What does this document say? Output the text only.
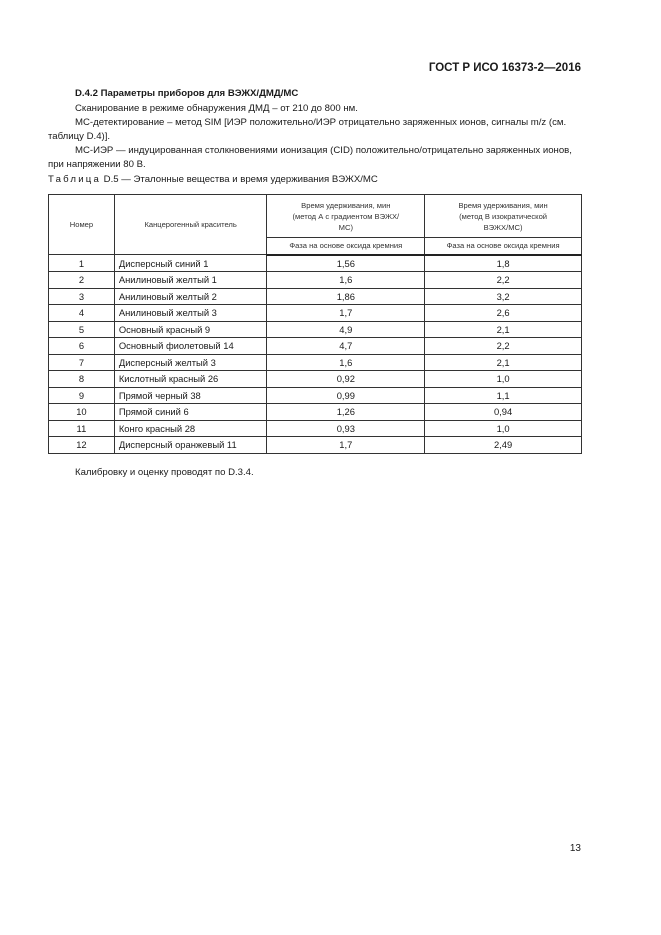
ГОСТ Р ИСО 16373-2—2016
D.4.2 Параметры приборов для ВЭЖХ/ДМД/МС

Сканирование в режиме обнаружения ДМД – от 210 до 800 нм.

МС-детектирование – метод SIM [ИЭР положительно/ИЭР отрицательно заряженных ионов, сигналы m/z (см. таблицу D.4)].

МС-ИЭР — индуцированная столкновениями ионизация (CID) положительно/отрицательно заряженных ионов, при напряжении 80 В.

Таблица D.5 — Эталонные вещества и время удерживания ВЭЖХ/МС
Номер	Канцерогенный краситель	Время удерживания, мин (метод А с градиентом ВЭЖХ/МС)	Время удерживания, мин (метод В изократической ВЭЖХ/МС)
		Фаза на основе оксида кремния	Фаза на основе оксида кремния
1	Дисперсный синий 1	1,56	1,8
2	Анилиновый желтый 1	1,6	2,2
3	Анилиновый желтый 2	1,86	3,2
4	Анилиновый желтый 3	1,7	2,6
5	Основный красный 9	4,9	2,1
6	Основный фиолетовый 14	4,7	2,2
7	Дисперсный желтый 3	1,6	2,1
8	Кислотный красный 26	0,92	1,0
9	Прямой черный 38	0,99	1,1
10	Прямой синий 6	1,26	0,94
11	Конго красный 28	0,93	1,0
12	Дисперсный оранжевый 11	1,7	2,49
Калибровку и оценку проводят по D.3.4.
13
